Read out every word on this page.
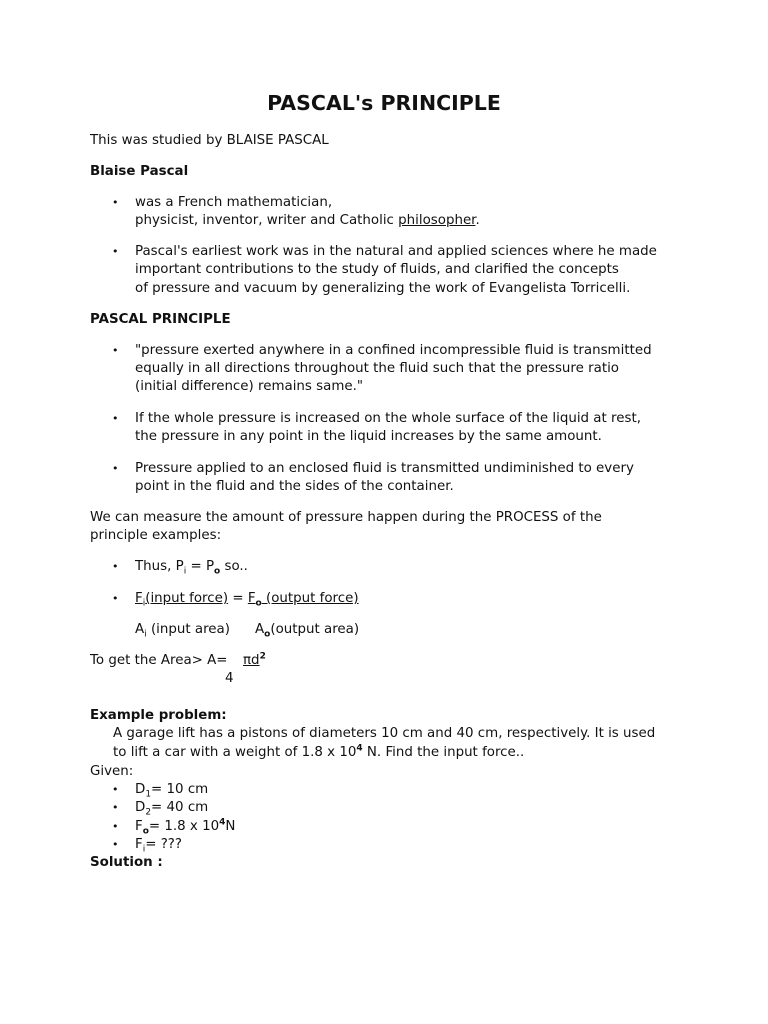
PASCAL's PRINCIPLE
This was studied by BLAISE PASCAL
Blaise Pascal
• was a French mathematician,
physicist, inventor, writer and Catholic philosopher.
• Pascal's earliest work was in the natural and applied sciences where he made
important contributions to the study of fluids, and clarified the concepts
of pressure and vacuum by generalizing the work of Evangelista Torricelli.
PASCAL PRINCIPLE
• "pressure exerted anywhere in a confined incompressible fluid is transmitted
equally in all directions throughout the fluid such that the pressure ratio
(initial difference) remains same."
• If the whole pressure is increased on the whole surface of the liquid at rest,
the pressure in any point in the liquid increases by the same amount.
• Pressure applied to an enclosed fluid is transmitted undiminished to every
point in the fluid and the sides of the container.
We can measure the amount of pressure happen during the PROCESS of the
principle examples:
• Thus, $P_i = P_o$ so..
• $F_i(input$ force) = $F_o$ (output force)
$A_i$ (input area) $A_o(output$ area)
To get the Area> $A= \pi d^2$
4
Example problem:
A garage lift has a pistons of diameters 10 cm and 40 cm, respectively. It is used
to lift a car with a weight of 1.8 x $10^4$ N. Find the input force..
Given:
• $D_1= 10$ cm
• $D_2= 40$ cm
• $F_o= 1.8$ x $10^4N$
• $F_i=$ ???
Solution :
